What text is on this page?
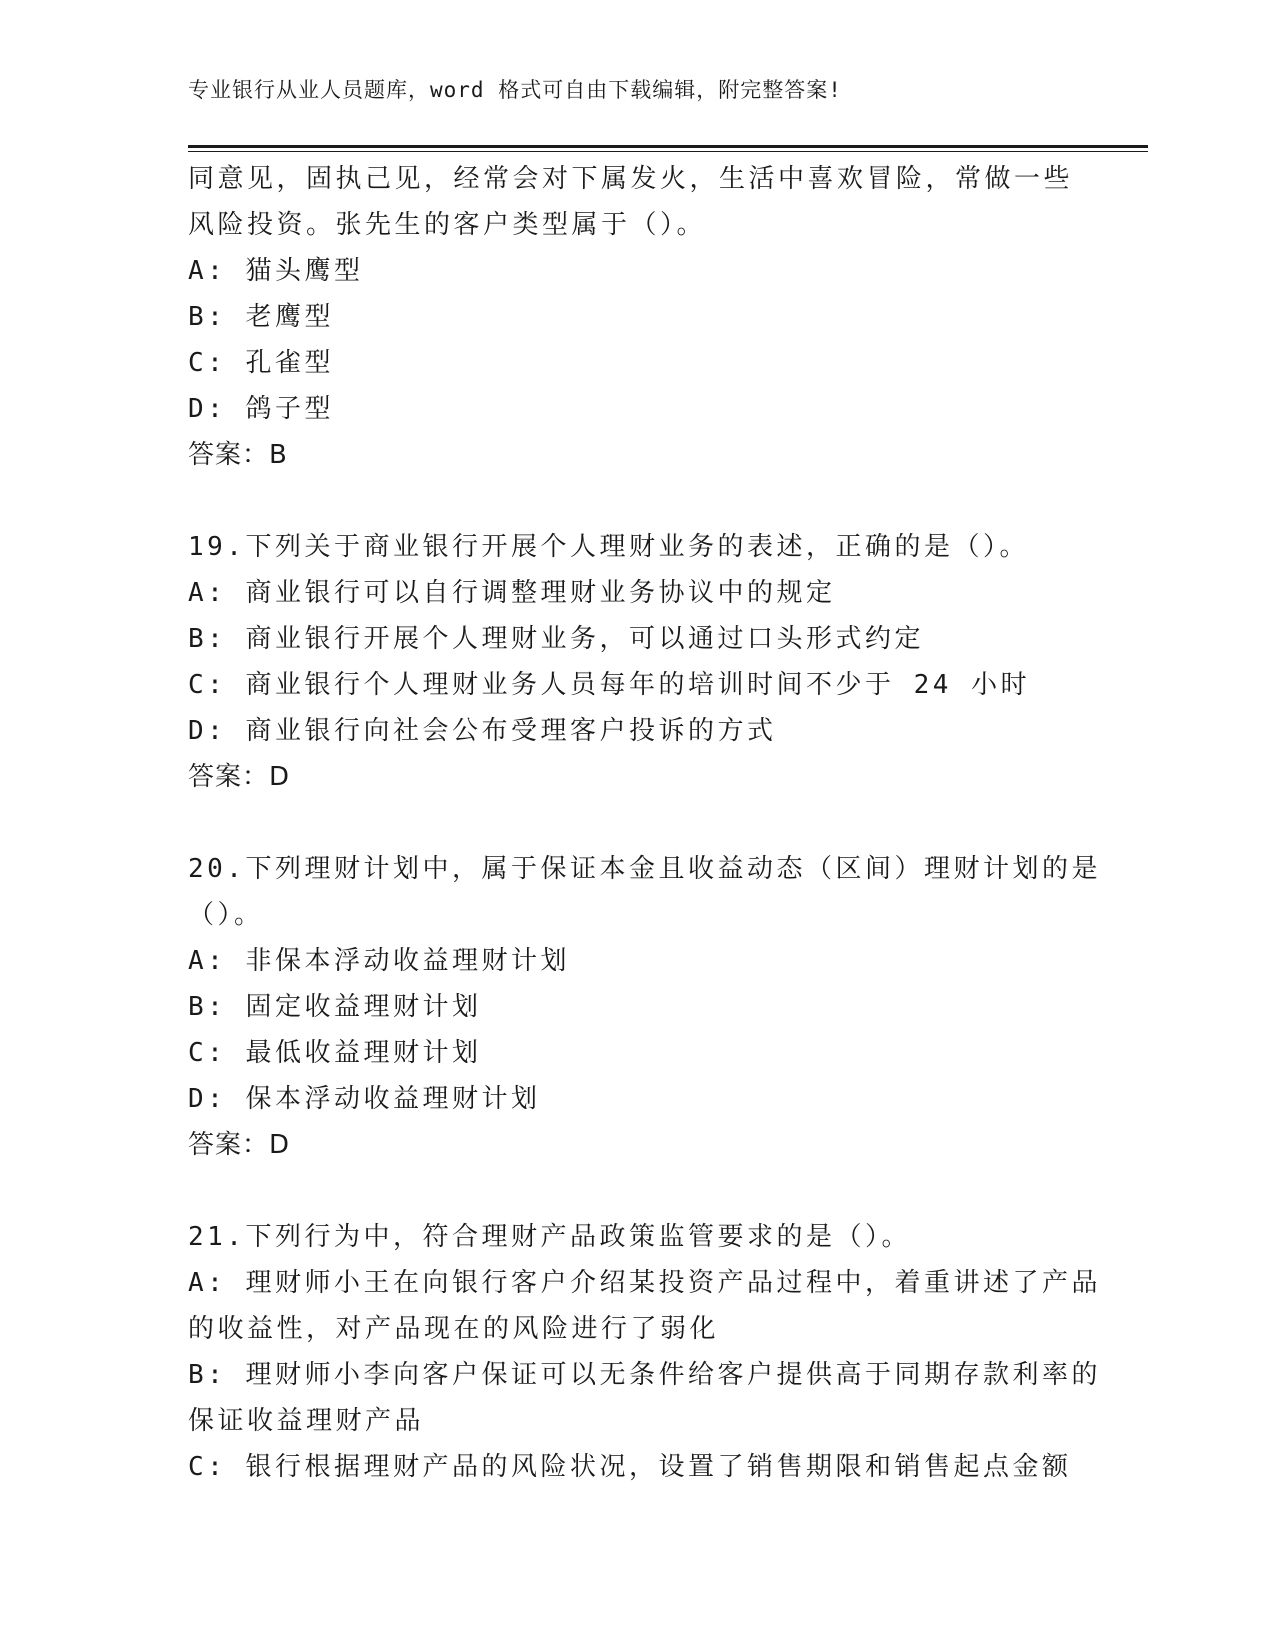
专业银行从业人员题库，word 格式可自由下载编辑，附完整答案!
同意见，固执己见，经常会对下属发火，生活中喜欢冒险，常做一些
风险投资。张先生的客户类型属于（）。
A: 猫头鹰型
B: 老鹰型
C: 孔雀型
D: 鸽子型
答案：B
19.下列关于商业银行开展个人理财业务的表述，正确的是（）。
A: 商业银行可以自行调整理财业务协议中的规定
B: 商业银行开展个人理财业务，可以通过口头形式约定
C: 商业银行个人理财业务人员每年的培训时间不少于 24 小时
D: 商业银行向社会公布受理客户投诉的方式
答案：D
20.下列理财计划中，属于保证本金且收益动态（区间）理财计划的是
（）。
A: 非保本浮动收益理财计划
B: 固定收益理财计划
C: 最低收益理财计划
D: 保本浮动收益理财计划
答案：D
21.下列行为中，符合理财产品政策监管要求的是（）。
A: 理财师小王在向银行客户介绍某投资产品过程中，着重讲述了产品
的收益性，对产品现在的风险进行了弱化
B: 理财师小李向客户保证可以无条件给客户提供高于同期存款利率的
保证收益理财产品
C: 银行根据理财产品的风险状况，设置了销售期限和销售起点金额
